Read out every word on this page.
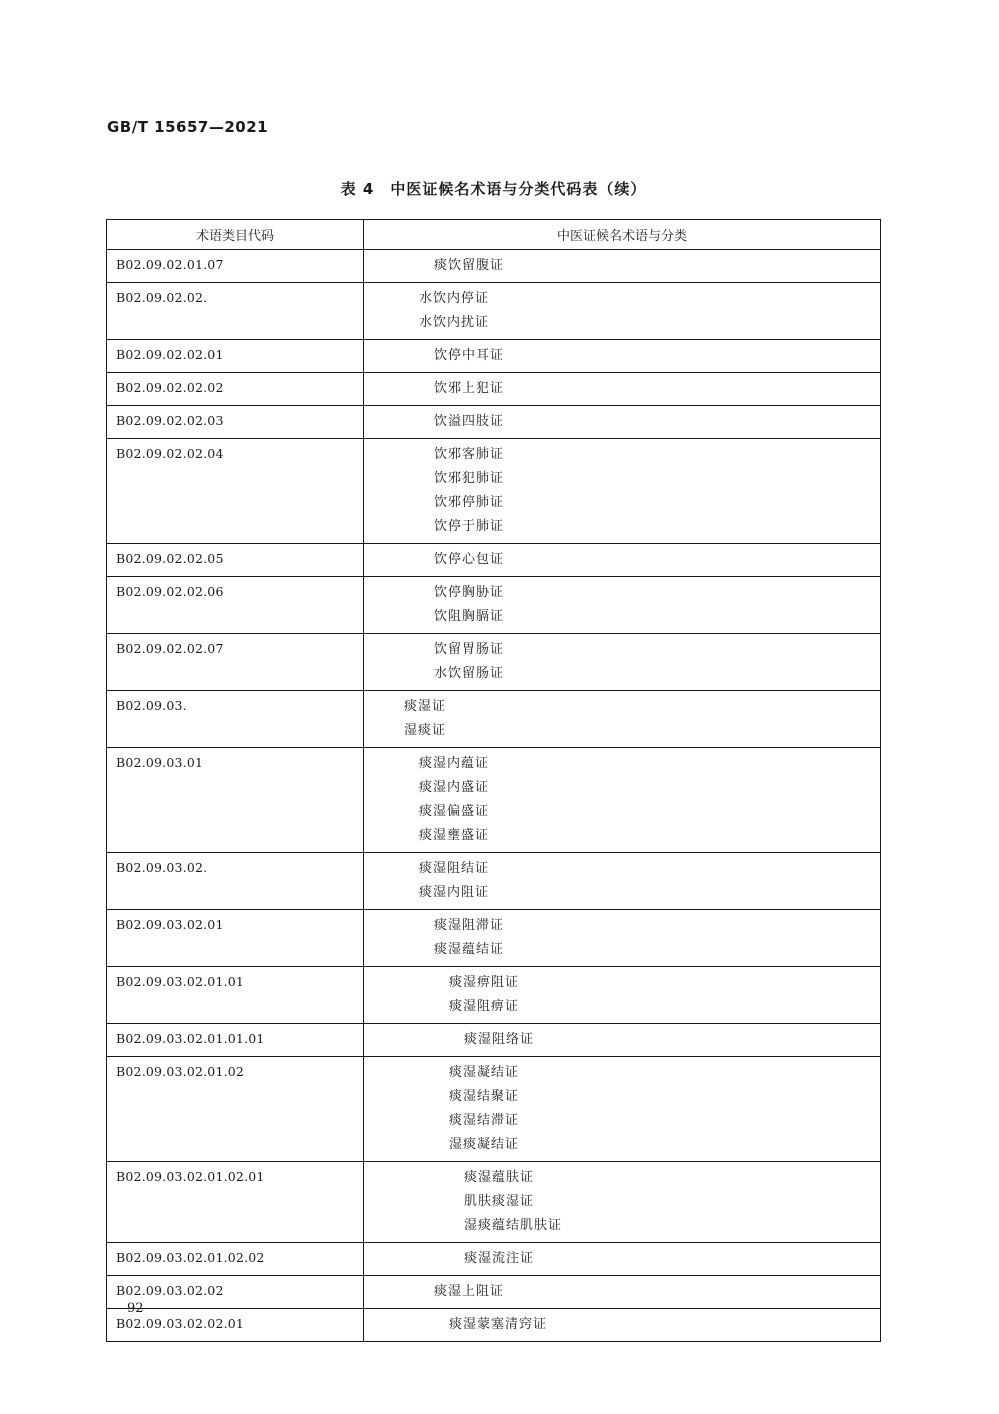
GB/T 15657—2021
表 4　中医证候名术语与分类代码表（续）
术语类目代码	中医证候名术语与分类
B02.09.02.01.07	痰饮留腹证

B02.09.02.02.	水饮内停证
水饮内扰证

B02.09.02.02.01	饮停中耳证

B02.09.02.02.02	饮邪上犯证

B02.09.02.02.03	饮溢四肢证

B02.09.02.02.04	饮邪客肺证
饮邪犯肺证
饮邪停肺证
饮停于肺证

B02.09.02.02.05	饮停心包证

B02.09.02.02.06	饮停胸胁证
饮阻胸膈证

B02.09.02.02.07	饮留胃肠证
水饮留肠证

B02.09.03.	痰湿证
湿痰证

B02.09.03.01	痰湿内蕴证
痰湿内盛证
痰湿偏盛证
痰湿壅盛证

B02.09.03.02.	痰湿阻结证
痰湿内阻证

B02.09.03.02.01	痰湿阻滞证
痰湿蕴结证

B02.09.03.02.01.01	痰湿痹阻证
痰湿阻痹证

B02.09.03.02.01.01.01	痰湿阻络证

B02.09.03.02.01.02	痰湿凝结证
痰湿结聚证
痰湿结滞证
湿痰凝结证

B02.09.03.02.01.02.01	痰湿蕴肤证
肌肤痰湿证
湿痰蕴结肌肤证

B02.09.03.02.01.02.02	痰湿流注证

B02.09.03.02.02	痰湿上阻证

B02.09.03.02.02.01	痰湿蒙塞清窍证
92
